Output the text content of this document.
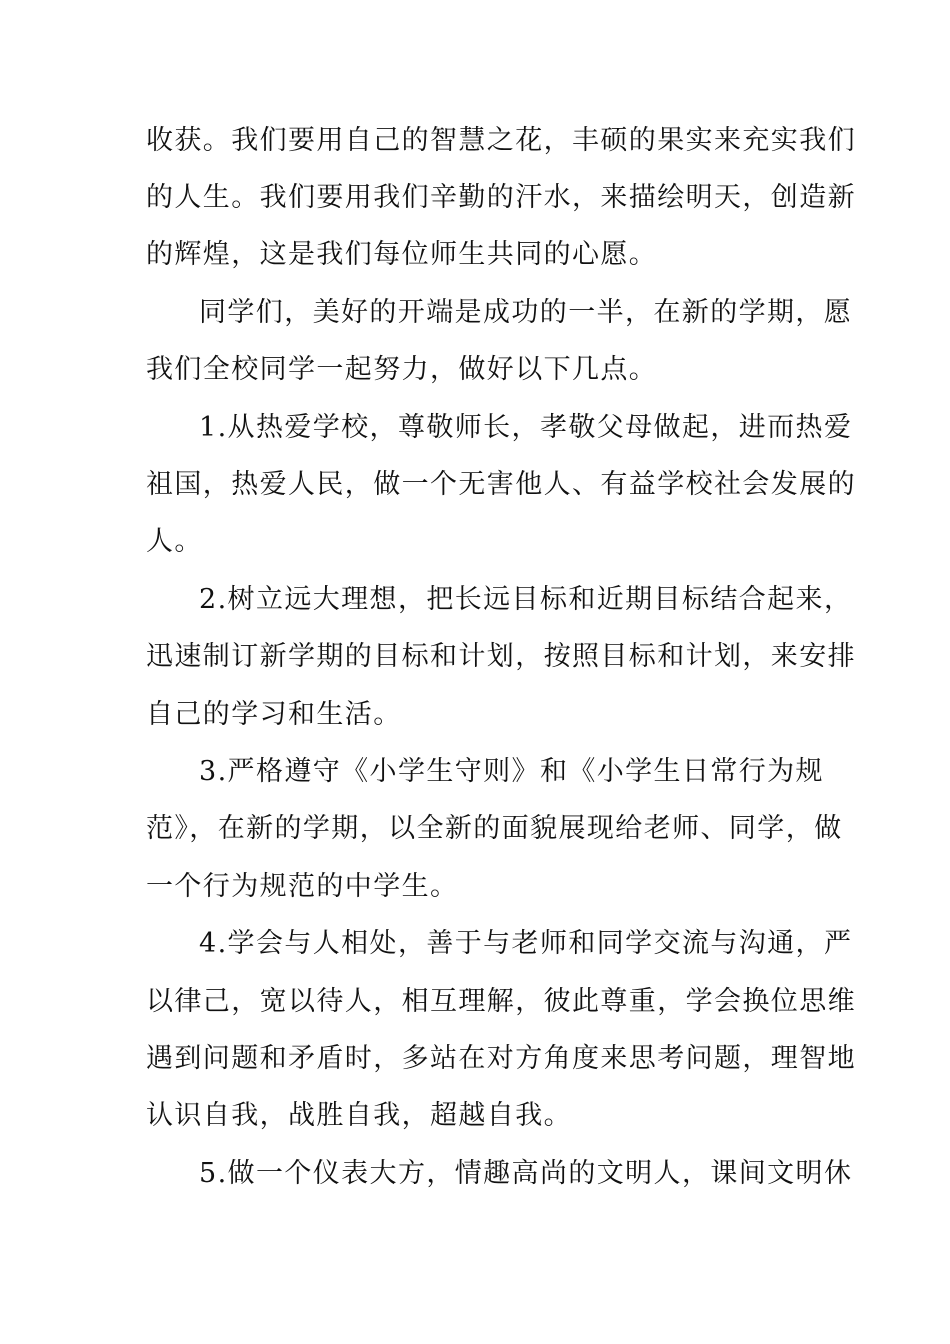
收获。我们要用自己的智慧之花，丰硕的果实来充实我们
的人生。我们要用我们辛勤的汗水，来描绘明天，创造新
的辉煌，这是我们每位师生共同的心愿。
同学们，美好的开端是成功的一半，在新的学期，愿
我们全校同学一起努力，做好以下几点。
1.从热爱学校，尊敬师长，孝敬父母做起，进而热爱
祖国，热爱人民，做一个无害他人、有益学校社会发展的
人。
2.树立远大理想，把长远目标和近期目标结合起来，
迅速制订新学期的目标和计划，按照目标和计划，来安排
自己的学习和生活。
3.严格遵守《小学生守则》和《小学生日常行为规
范》，在新的学期，以全新的面貌展现给老师、同学，做
一个行为规范的中学生。
4.学会与人相处，善于与老师和同学交流与沟通，严
以律己，宽以待人，相互理解，彼此尊重，学会换位思维
遇到问题和矛盾时，多站在对方角度来思考问题，理智地
认识自我，战胜自我，超越自我。
5.做一个仪表大方，情趣高尚的文明人，课间文明休
